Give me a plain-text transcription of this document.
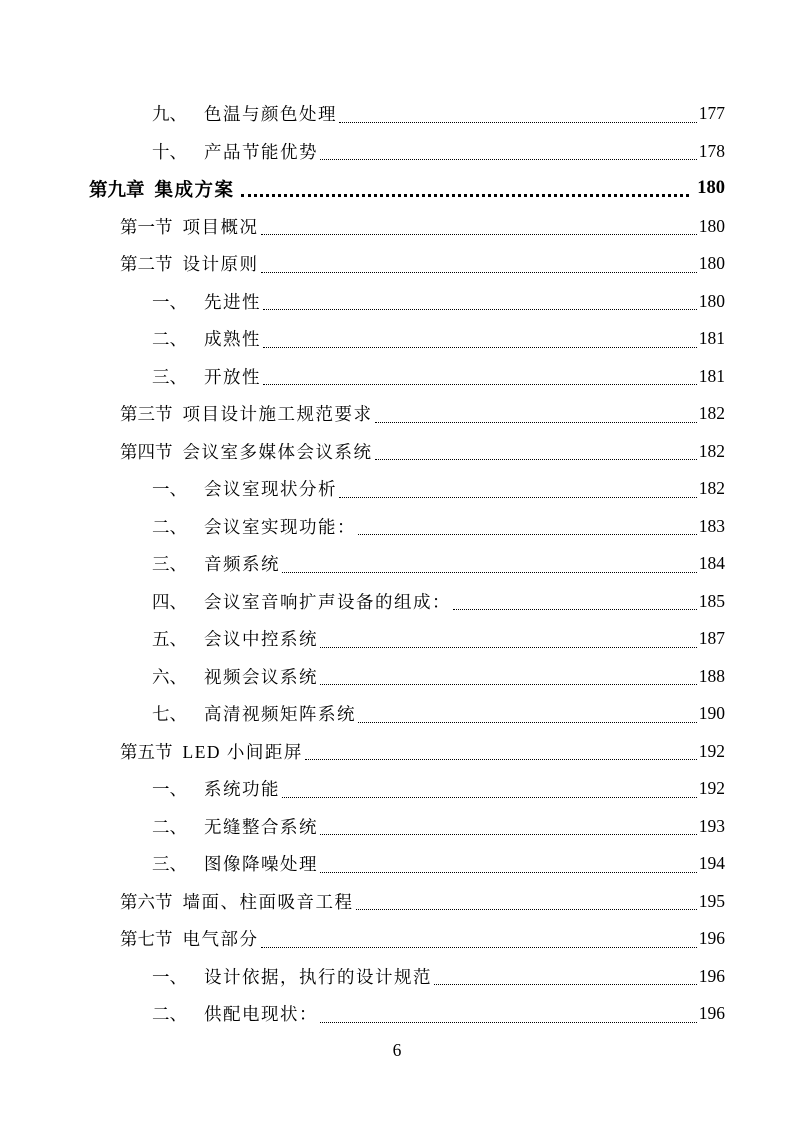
九、 色温与颜色处理	177
十、 产品节能优势	178
第九章 集成方案	180
第一节 项目概况	180
第二节 设计原则	180
一、 先进性	180
二、 成熟性	181
三、 开放性	181
第三节 项目设计施工规范要求	182
第四节 会议室多媒体会议系统	182
一、 会议室现状分析	182
二、 会议室实现功能：	183
三、 音频系统	184
四、 会议室音响扩声设备的组成：	185
五、 会议中控系统	187
六、 视频会议系统	188
七、 高清视频矩阵系统	190
第五节 LED 小间距屏	192
一、 系统功能	192
二、 无缝整合系统	193
三、 图像降噪处理	194
第六节 墙面、柱面吸音工程	195
第七节 电气部分	196
一、 设计依据，执行的设计规范	196
二、 供配电现状：	196
6
